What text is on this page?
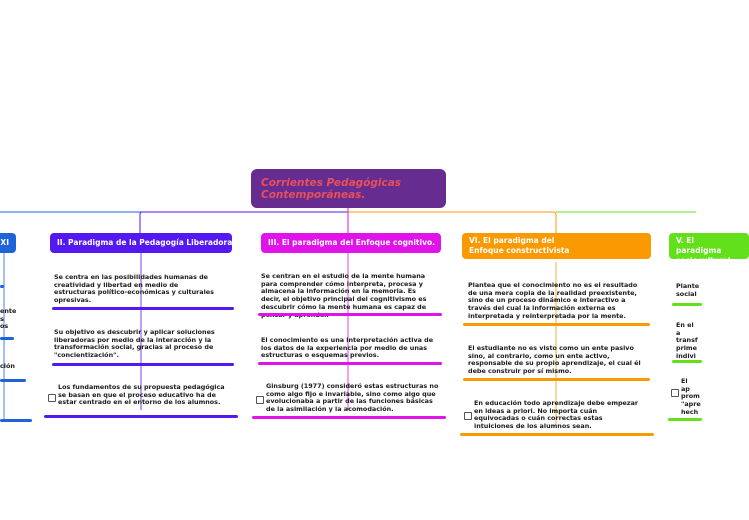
Corrientes Pedagógicas Contemporáneas.
XI
ente
s
os
ción
II. Paradigma de la Pedagogía Liberadora.
Se centra en las posibilidades humanas de creatividad y libertad en medio de estructuras político-económicas y culturales opresivas.
Su objetivo es descubrir y aplicar soluciones liberadoras por medio de la interacción y la transformación social, gracias al proceso de "concientización".
Los fundamentos de su propuesta pedagógica se basan en que el proceso educativo ha de estar centrado en el entorno de los alumnos.
III. El paradigma del Enfoque cognitivo.
Se centran en el estudio de la mente humana para comprender cómo interpreta, procesa y almacena la información en la memoria. Es decir, el objetivo principal del cognitivismo es descubrir cómo la mente humana es capaz de
El conocimiento es una interpretación activa de los datos de la experiencia por medio de unas estructuras o esquemas previos.
Ginsburg (1977) consideró estas estructuras no como algo fijo e invariable, sino como algo que evolucionaba a partir de las funciones básicas de la asimilación y la acomodación.
VI. El paradigma del Enfoque constructivista
Plantea que el conocimiento no es el resultado de una mera copia de la realidad preexistente, sino de un proceso dinámico e interactivo a través del cual la información externa es interpretada y reinterpretada por la mente.
El estudiante no es visto como un ente pasivo sino, al contrario, como un ente activo, responsable de su propio aprendizaje, el cual él debe construir por sí mismo.
En educación todo aprendizaje debe empezar en ideas a priori. No importa cuán equivocadas o cuán correctas estas intuiciones de los alumnos sean.
V. El paradigma sociocultural
Plante social
En el a transf prime indivi
El ap prom "apre hech
